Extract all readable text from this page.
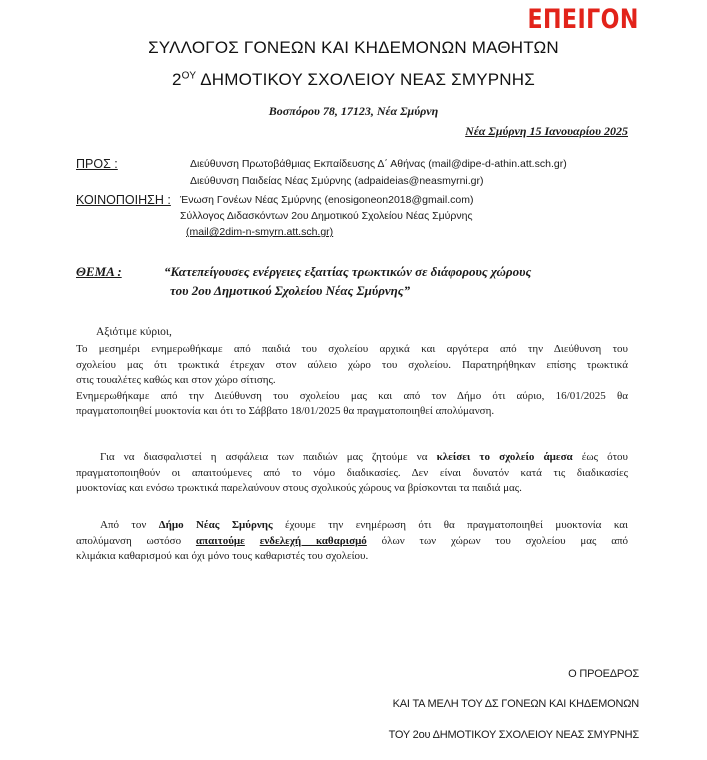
ΕΠΕΙΓΟΝ
ΣΥΛΛΟΓΟΣ ΓΟΝΕΩΝ ΚΑΙ ΚΗΔΕΜΟΝΩΝ ΜΑΘΗΤΩΝ
$2^{O\Upsilon}$ ΔΗΜΟΤΙΚΟΥ ΣΧΟΛΕΙΟΥ ΝΕΑΣ ΣΜΥΡΝΗΣ
Βοσπόρου 78, 17123, Νέα Σμύρνη
Νέα Σμύρνη 15 Ιανουαρίου 2025
ΠΡΟΣ :	Διεύθυνση Πρωτοβάθμιας Εκπαίδευσης Δ΄ Αθήνας (mail@dipe-d-athin.att.sch.gr)
Διεύθυνση Παιδείας Νέας Σμύρνης (adpaideias@neasmyrni.gr)
ΚΟΙΝΟΠΟΙΗΣΗ : Ένωση Γονέων Νέας Σμύρνης (enosigoneon2018@gmail.com)
Σύλλογος Διδασκόντων 2ου Δημοτικού Σχολείου Νέας Σμύρνης
(mail@2dim-n-smyrn.att.sch.gr)
ΘΕΜΑ :	“Κατεπείγουσες ενέργειες εξαιτίας τρωκτικών σε διάφορους χώρους
του 2ου Δημοτικού Σχολείου Νέας Σμύρνης”
Αξιότιμε κύριοι,
Το μεσημέρι ενημερωθήκαμε από παιδιά του σχολείου αρχικά και αργότερα από την Διεύθυνση του
σχολείου μας ότι τρωκτικά έτρεχαν στον αύλειο χώρο του σχολείου. Παρατηρήθηκαν επίσης τρωκτικά
στις τουαλέτες καθώς και στον χώρο σίτισης.
Ενημερωθήκαμε από την Διεύθυνση του σχολείου μας και από τον Δήμο ότι αύριο, 16/01/2025 θα
πραγματοποιηθεί μυοκτονία και ότι το Σάββατο 18/01/2025 θα πραγματοποιηθεί απολύμανση.
Για να διασφαλιστεί η ασφάλεια των παιδιών μας ζητούμε να κλείσει το σχολείο άμεσα έως ότου
πραγματοποιηθούν οι απαιτούμενες από το νόμο διαδικασίες. Δεν είναι δυνατόν κατά τις διαδικασίες
μυοκτονίας και ενόσω τρωκτικά παρελαύνουν στους σχολικούς χώρους να βρίσκονται τα παιδιά μας.
Από τον Δήμο Νέας Σμύρνης έχουμε την ενημέρωση ότι θα πραγματοποιηθεί μυοκτονία και
απολύμανση ωστόσο απαιτούμε ενδελεχή καθαρισμό όλων των χώρων του σχολείου μας από
κλιμάκια καθαρισμού και όχι μόνο τους καθαριστές του σχολείου.
Ο ΠΡΟΕΔΡΟΣ
ΚΑΙ ΤΑ ΜΕΛΗ ΤΟΥ ΔΣ ΓΟΝΕΩΝ ΚΑΙ ΚΗΔΕΜΟΝΩΝ
ΤΟΥ 2ου ΔΗΜΟΤΙΚΟΥ ΣΧΟΛΕΙΟΥ ΝΕΑΣ ΣΜΥΡΝΗΣ
